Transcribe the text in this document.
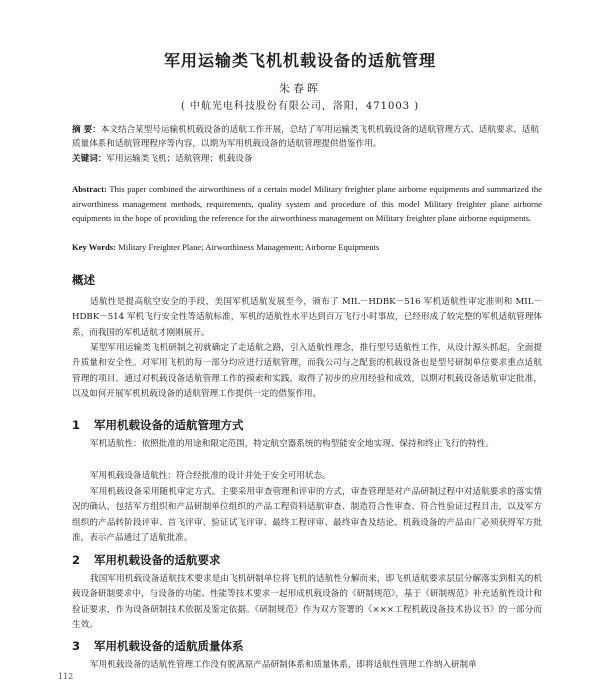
军用运输类飞机机载设备的适航管理
朱春晖
( 中航光电科技股份有限公司，洛阳，471003 )
摘 要：本文结合某型号运输机机载设备的适航工作开展，总结了军用运输类飞机机载设备的适航管理方式、适航要求、适航质量体系和适航管理程序等内容，以期为军用机载设备的适航管理提供借鉴作用。
关键词：军用运输类飞机；适航管理；机载设备
Abstract: This paper combined the airworthiness of a certain model Military freighter plane airborne equipments and summarized the airworthiness management methods, requirements, quality system and procedure of this model Military freighter plane airborne equipments in the hope of providing the reference for the airworthiness management on Military freighter plane airborne equipments.
Key Words: Military Freighter Plane; Airworthiness Management; Airborne Equipments
概述
适航性是提高航空安全的手段，美国军机适航发展至今，颁布了 MIL－HDBK－516 军机适航性审定准则和 MIL－HDBK－514 军机飞行安全性等适航标准，军机的适航性水平达到百万飞行小时事故，已经形成了较完整的军机适航管理体系，而我国的军机适航才刚刚展开。
某型军用运输类飞机研制之初就确定了走适航之路，引入适航性理念，推行型号适航性工作，从设计源头抓起，全面提升质量和安全性。对军用飞机的每一部分均应进行适航管理，而我公司与之配套的机载设备也是型号研制单位要求重点适航管理的项目。通过对机载设备适航管理工作的摸索和实践，取得了初步的应用经验和成效，以期对机载设备适航审定批准，以及如何开展军机机载设备的适航管理工作提供一定的借鉴作用。
1 军用机载设备的适航管理方式
军机适航性：依照批准的用途和限定范围，特定航空器系统的构型能安全地实现、保持和终止飞行的特性。
军用机载设备适航性：符合经批准的设计并处于安全可用状态。
军用机载设备采用随机审定方式。主要采用审查管理和评审的方式，审查管理是对产品研制过程中对适航要求的落实情况的确认，包括军方组织和产品研制单位组织的产品工程资料适航审查、制造符合性审查、符合性验证过程目击，以及军方组织的产品转阶段评审、首飞评审、验证试飞评审、最终工程评审、最终审查及结论。机载设备的产品由厂必须获得军方批准，表示产品通过了适航批准。
2 军用机载设备的适航要求
我国军用机载设备适航技术要求是由飞机研制单位将飞机的适航性分解而来，即飞机适航要求层层分解落实到相关的机载设备研制要求中，与设备的功能、性能等技术要求一起形成机载设备的《研制规范》，基于《研制规范》补充适航性设计和验证要求，作为设备研制技术依据及鉴定依据。《研制规范》作为双方签署的《×××工程机载设备技术协议书》的一部分而生效。
3 军用机载设备的适航质量体系
军用机载设备的适航性管理工作没有脱离原产品研制体系和质量体系，即将适航性管理工作纳入研制单
112
